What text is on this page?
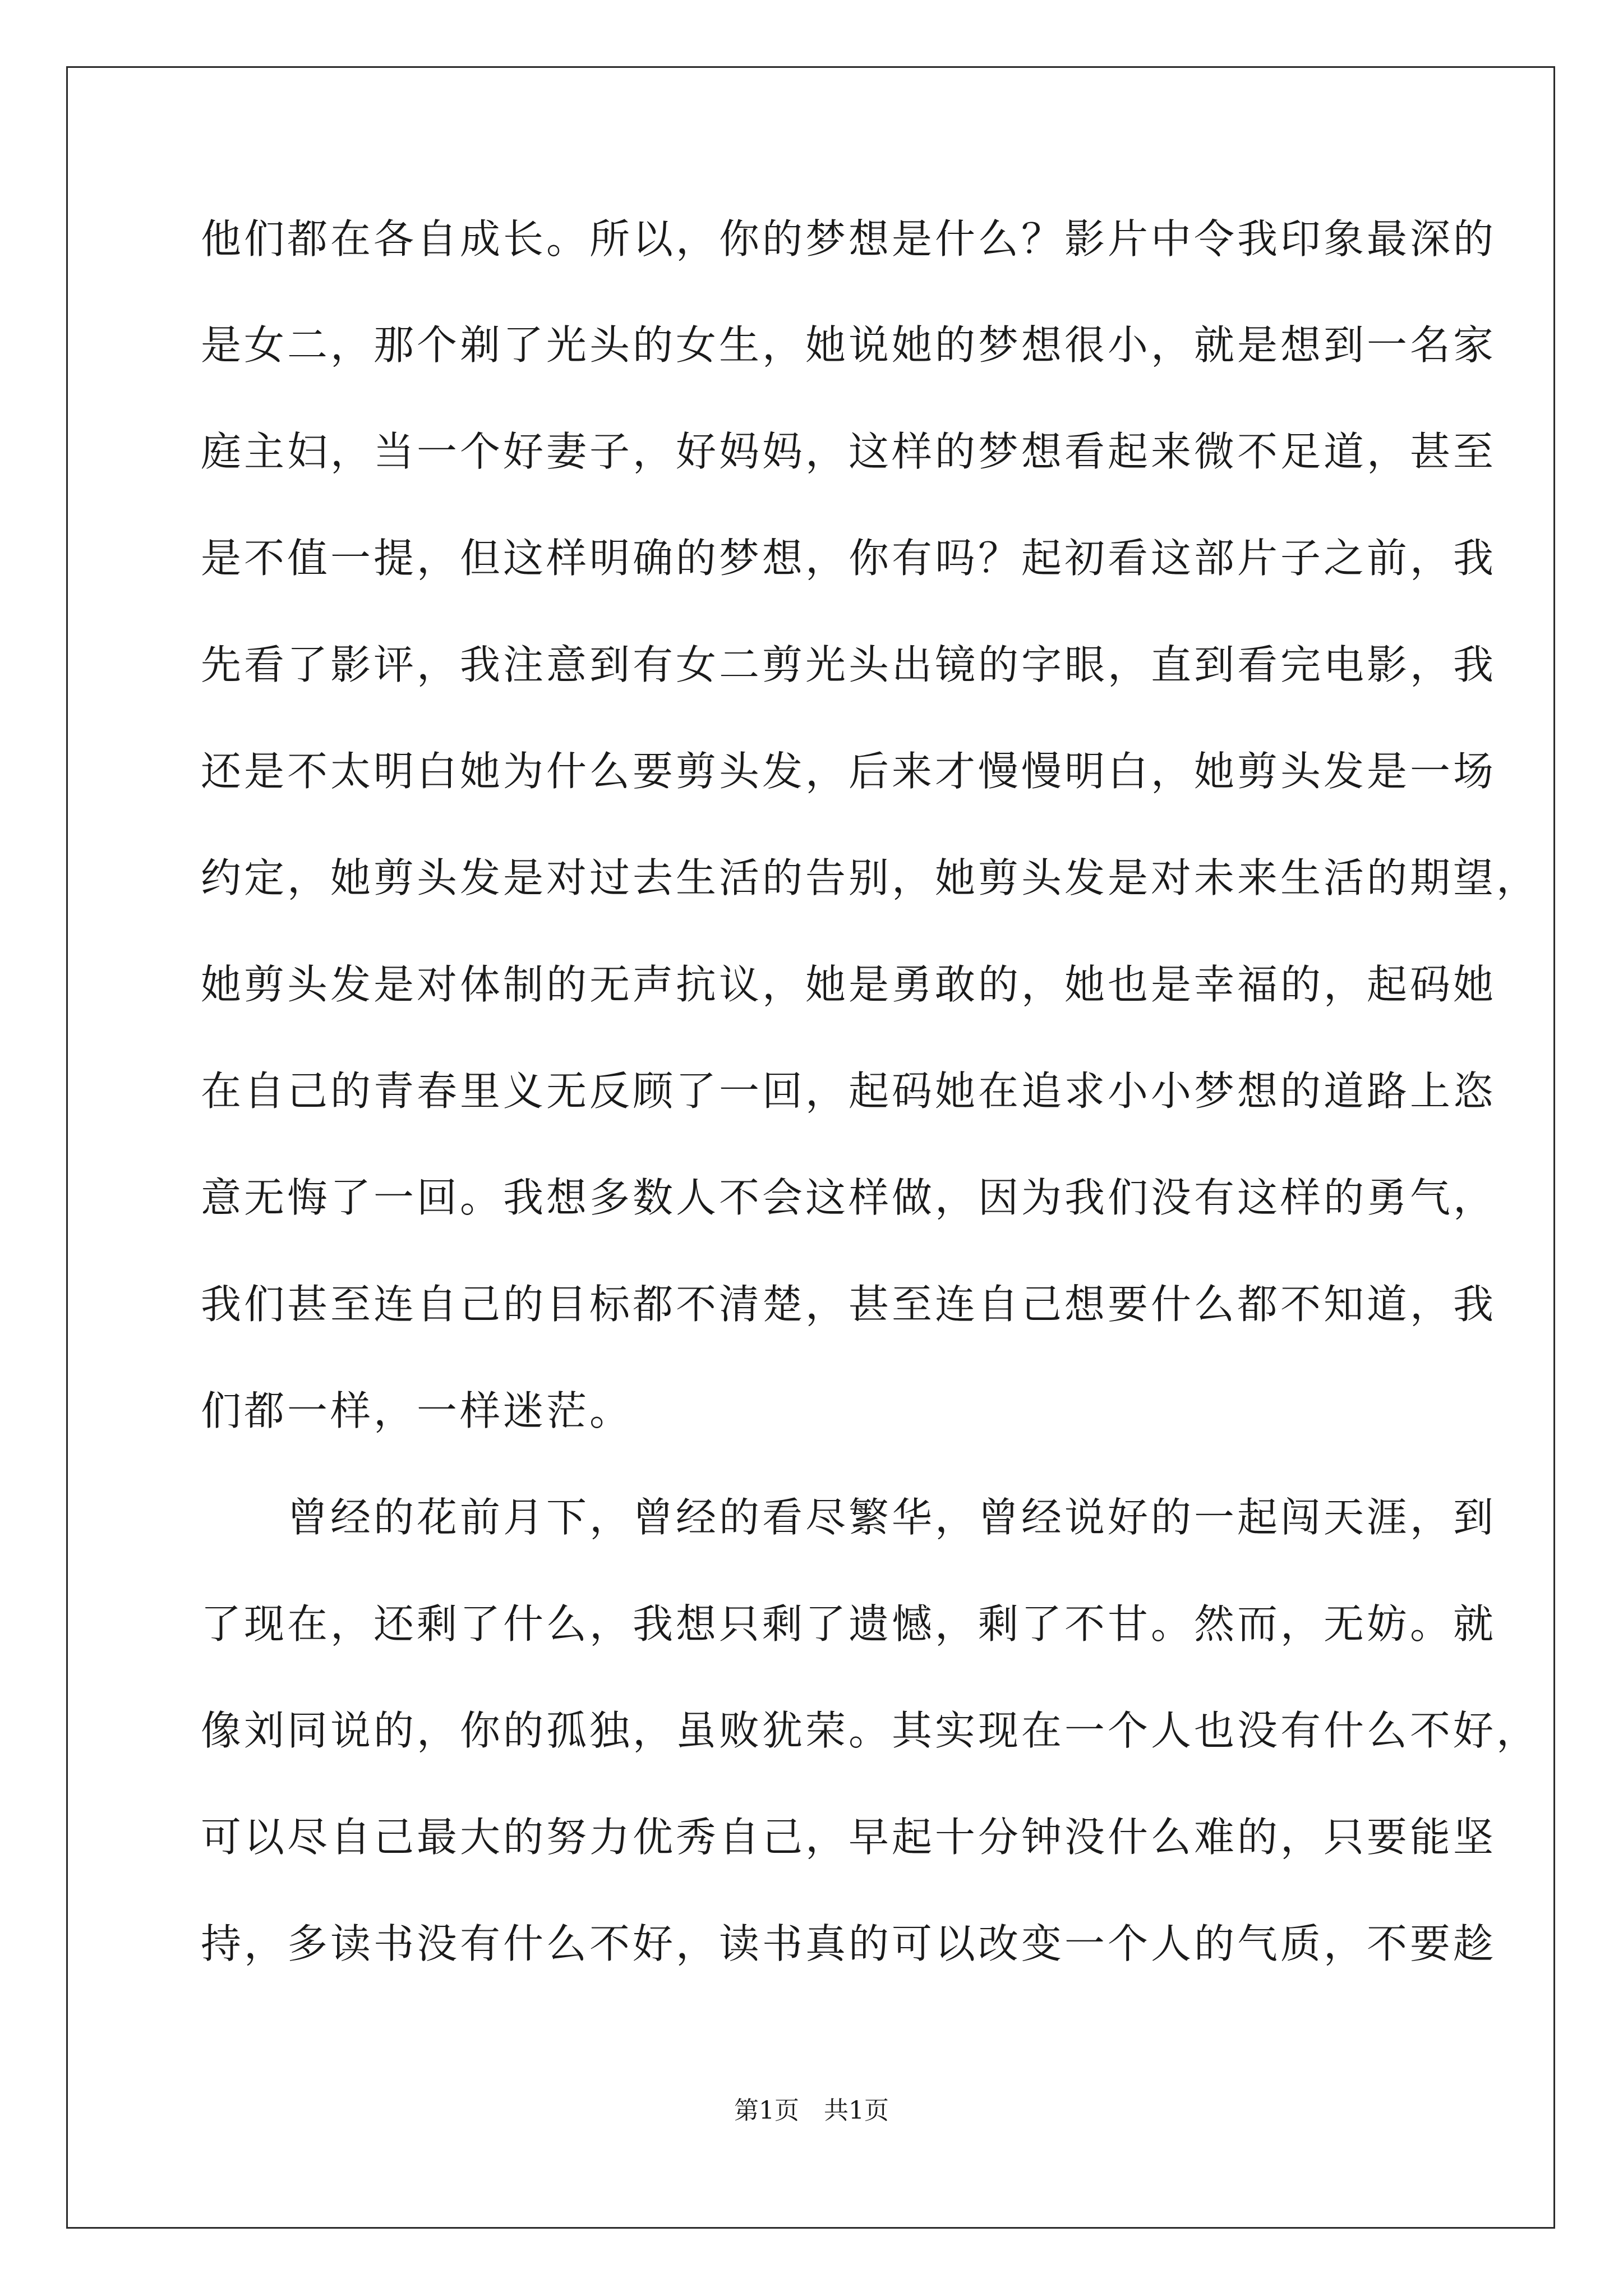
他们都在各自成长。所以，你的梦想是什么？影片中令我印象最深的
是女二，那个剃了光头的女生，她说她的梦想很小，就是想到一名家
庭主妇，当一个好妻子，好妈妈，这样的梦想看起来微不足道，甚至
是不值一提，但这样明确的梦想，你有吗？起初看这部片子之前，我
先看了影评，我注意到有女二剪光头出镜的字眼，直到看完电影，我
还是不太明白她为什么要剪头发，后来才慢慢明白，她剪头发是一场
约定，她剪头发是对过去生活的告别，她剪头发是对未来生活的期望，
她剪头发是对体制的无声抗议，她是勇敢的，她也是幸福的，起码她
在自己的青春里义无反顾了一回，起码她在追求小小梦想的道路上恣
意无悔了一回。我想多数人不会这样做，因为我们没有这样的勇气，
我们甚至连自己的目标都不清楚，甚至连自己想要什么都不知道，我
们都一样，一样迷茫。
　　曾经的花前月下，曾经的看尽繁华，曾经说好的一起闯天涯，到
了现在，还剩了什么，我想只剩了遗憾，剩了不甘。然而，无妨。就
像刘同说的，你的孤独，虽败犹荣。其实现在一个人也没有什么不好，
可以尽自己最大的努力优秀自己，早起十分钟没什么难的，只要能坚
持，多读书没有什么不好，读书真的可以改变一个人的气质，不要趁
第1页　共1页
